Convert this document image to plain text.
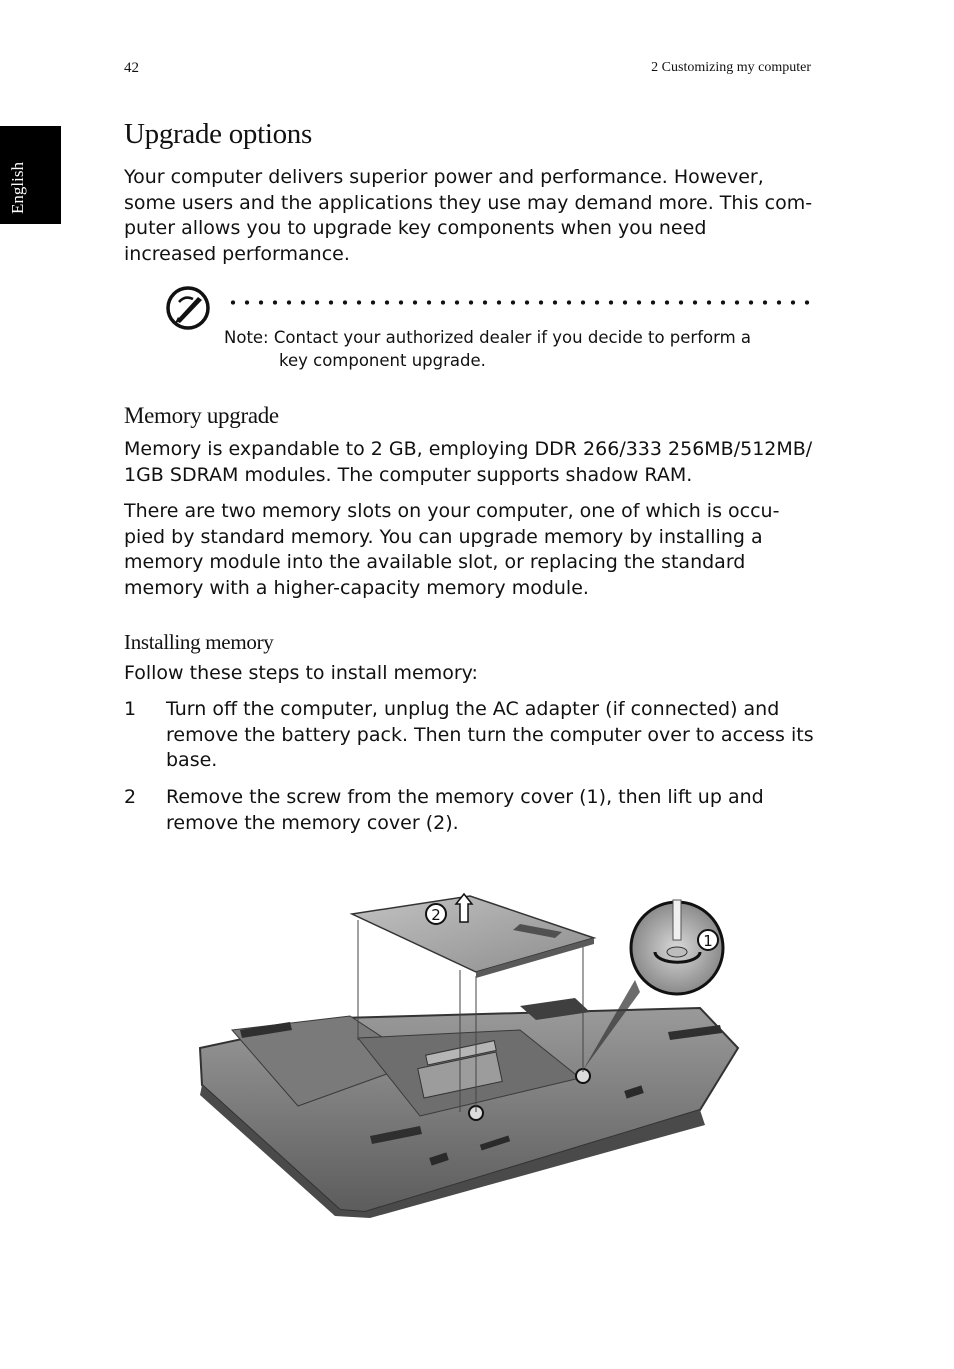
42	2 Customizing my computer
English
Upgrade options

Your computer delivers superior power and performance. However,
some users and the applications they use may demand more. This com-
puter allows you to upgrade key components when you need
increased performance.

Note: Contact your authorized dealer if you decide to perform a
key component upgrade.
Memory upgrade

Memory is expandable to 2 GB, employing DDR 266/333 256MB/512MB/
1GB SDRAM modules. The computer supports shadow RAM.

There are two memory slots on your computer, one of which is occu-
pied by standard memory. You can upgrade memory by installing a
memory module into the available slot, or replacing the standard
memory with a higher-capacity memory module.

Installing memory

Follow these steps to install memory:

1 Turn off the computer, unplug the AC adapter (if connected) and
remove the battery pack. Then turn the computer over to access its
base.
2 Remove the screw from the memory cover (1), then lift up and
remove the memory cover (2).
2
1
